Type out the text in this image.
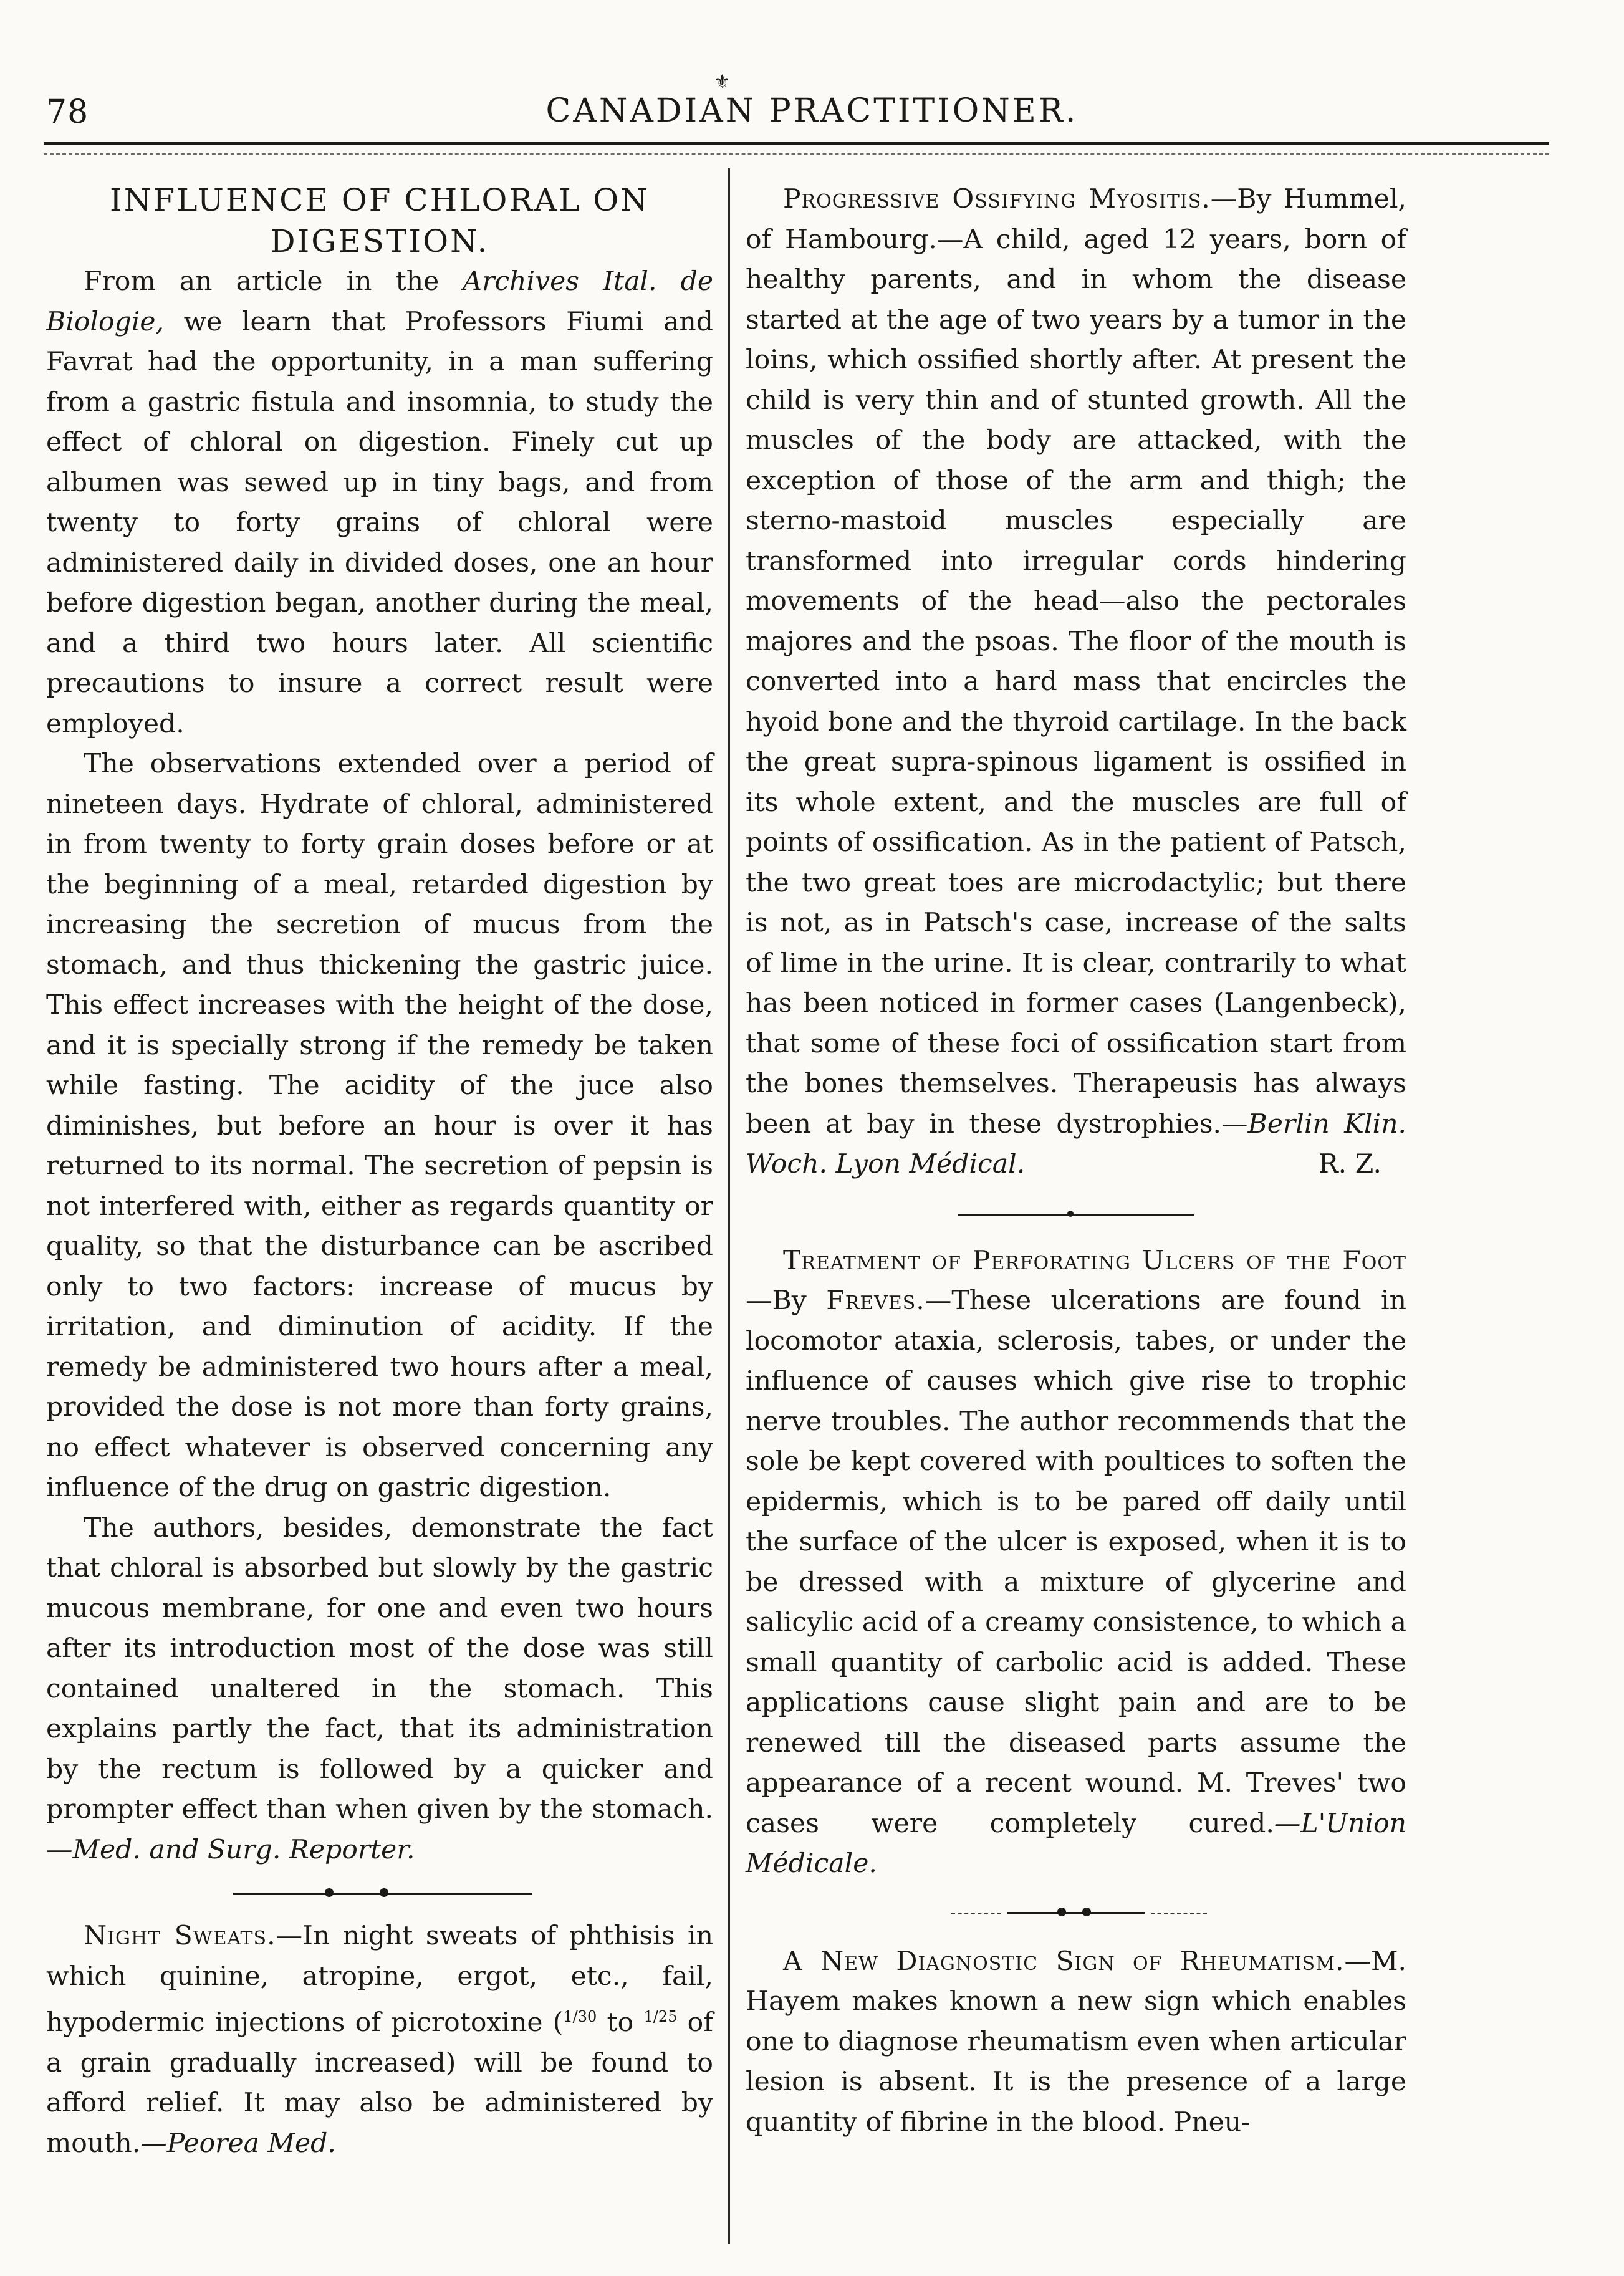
78
⚜
CANADIAN PRACTITIONER.
INFLUENCE OF CHLORAL ON DIGESTION.

From an article in the Archives Ital. de Biologie, we learn that Professors Fiumi and Favrat had the opportunity, in a man suffering from a gastric fistula and insomnia, to study the effect of chloral on digestion. Finely cut up albumen was sewed up in tiny bags, and from twenty to forty grains of chloral were administered daily in divided doses, one an hour before digestion began, another during the meal, and a third two hours later. All scientific precautions to insure a correct result were employed.

The observations extended over a period of nineteen days. Hydrate of chloral, administered in from twenty to forty grain doses before or at the beginning of a meal, retarded digestion by increasing the secretion of mucus from the stomach, and thus thickening the gastric juice. This effect increases with the height of the dose, and it is specially strong if the remedy be taken while fasting. The acidity of the juce also diminishes, but before an hour is over it has returned to its normal. The secretion of pepsin is not interfered with, either as regards quantity or quality, so that the disturbance can be ascribed only to two factors: increase of mucus by irritation, and diminution of acidity. If the remedy be administered two hours after a meal, provided the dose is not more than forty grains, no effect whatever is observed concerning any influence of the drug on gastric digestion.

The authors, besides, demonstrate the fact that chloral is absorbed but slowly by the gastric mucous membrane, for one and even two hours after its introduction most of the dose was still contained unaltered in the stomach. This explains partly the fact, that its administration by the rectum is followed by a quicker and prompter effect than when given by the stomach.—Med. and Surg. Reporter.

Night Sweats.—In night sweats of phthisis in which quinine, atropine, ergot, etc., fail, hypodermic injections of picrotoxine ($^{1/30}$ to $^{1/25}$ of a grain gradually increased) will be found to afford relief. It may also be administered by mouth.—Peorea Med.

Progressive Ossifying Myositis.—By Hummel, of Hambourg.—A child, aged 12 years, born of healthy parents, and in whom the disease started at the age of two years by a tumor in the loins, which ossified shortly after. At present the child is very thin and of stunted growth. All the muscles of the body are attacked, with the exception of those of the arm and thigh; the sterno-mastoid muscles especially are transformed into irregular cords hindering movements of the head—also the pectorales majores and the psoas. The floor of the mouth is converted into a hard mass that encircles the hyoid bone and the thyroid cartilage. In the back the great supra-spinous ligament is ossified in its whole extent, and the muscles are full of points of ossification. As in the patient of Patsch, the two great toes are microdactylic; but there is not, as in Patsch's case, increase of the salts of lime in the urine. It is clear, contrarily to what has been noticed in former cases (Langenbeck), that some of these foci of ossification start from the bones themselves. Therapeusis has always been at bay in these dystrophies.—Berlin Klin. Woch. Lyon Médical.	R. Z.

Treatment of Perforating Ulcers of the Foot—By Freves.—These ulcerations are found in locomotor ataxia, sclerosis, tabes, or under the influence of causes which give rise to trophic nerve troubles. The author recommends that the sole be kept covered with poultices to soften the epidermis, which is to be pared off daily until the surface of the ulcer is exposed, when it is to be dressed with a mixture of glycerine and salicylic acid of a creamy consistence, to which a small quantity of carbolic acid is added. These applications cause slight pain and are to be renewed till the diseased parts assume the appearance of a recent wound. M. Treves' two cases were completely cured.—L'Union Médicale.

A New Diagnostic Sign of Rheumatism.—M. Hayem makes known a new sign which enables one to diagnose rheumatism even when articular lesion is absent. It is the presence of a large quantity of fibrine in the blood. Pneu-
